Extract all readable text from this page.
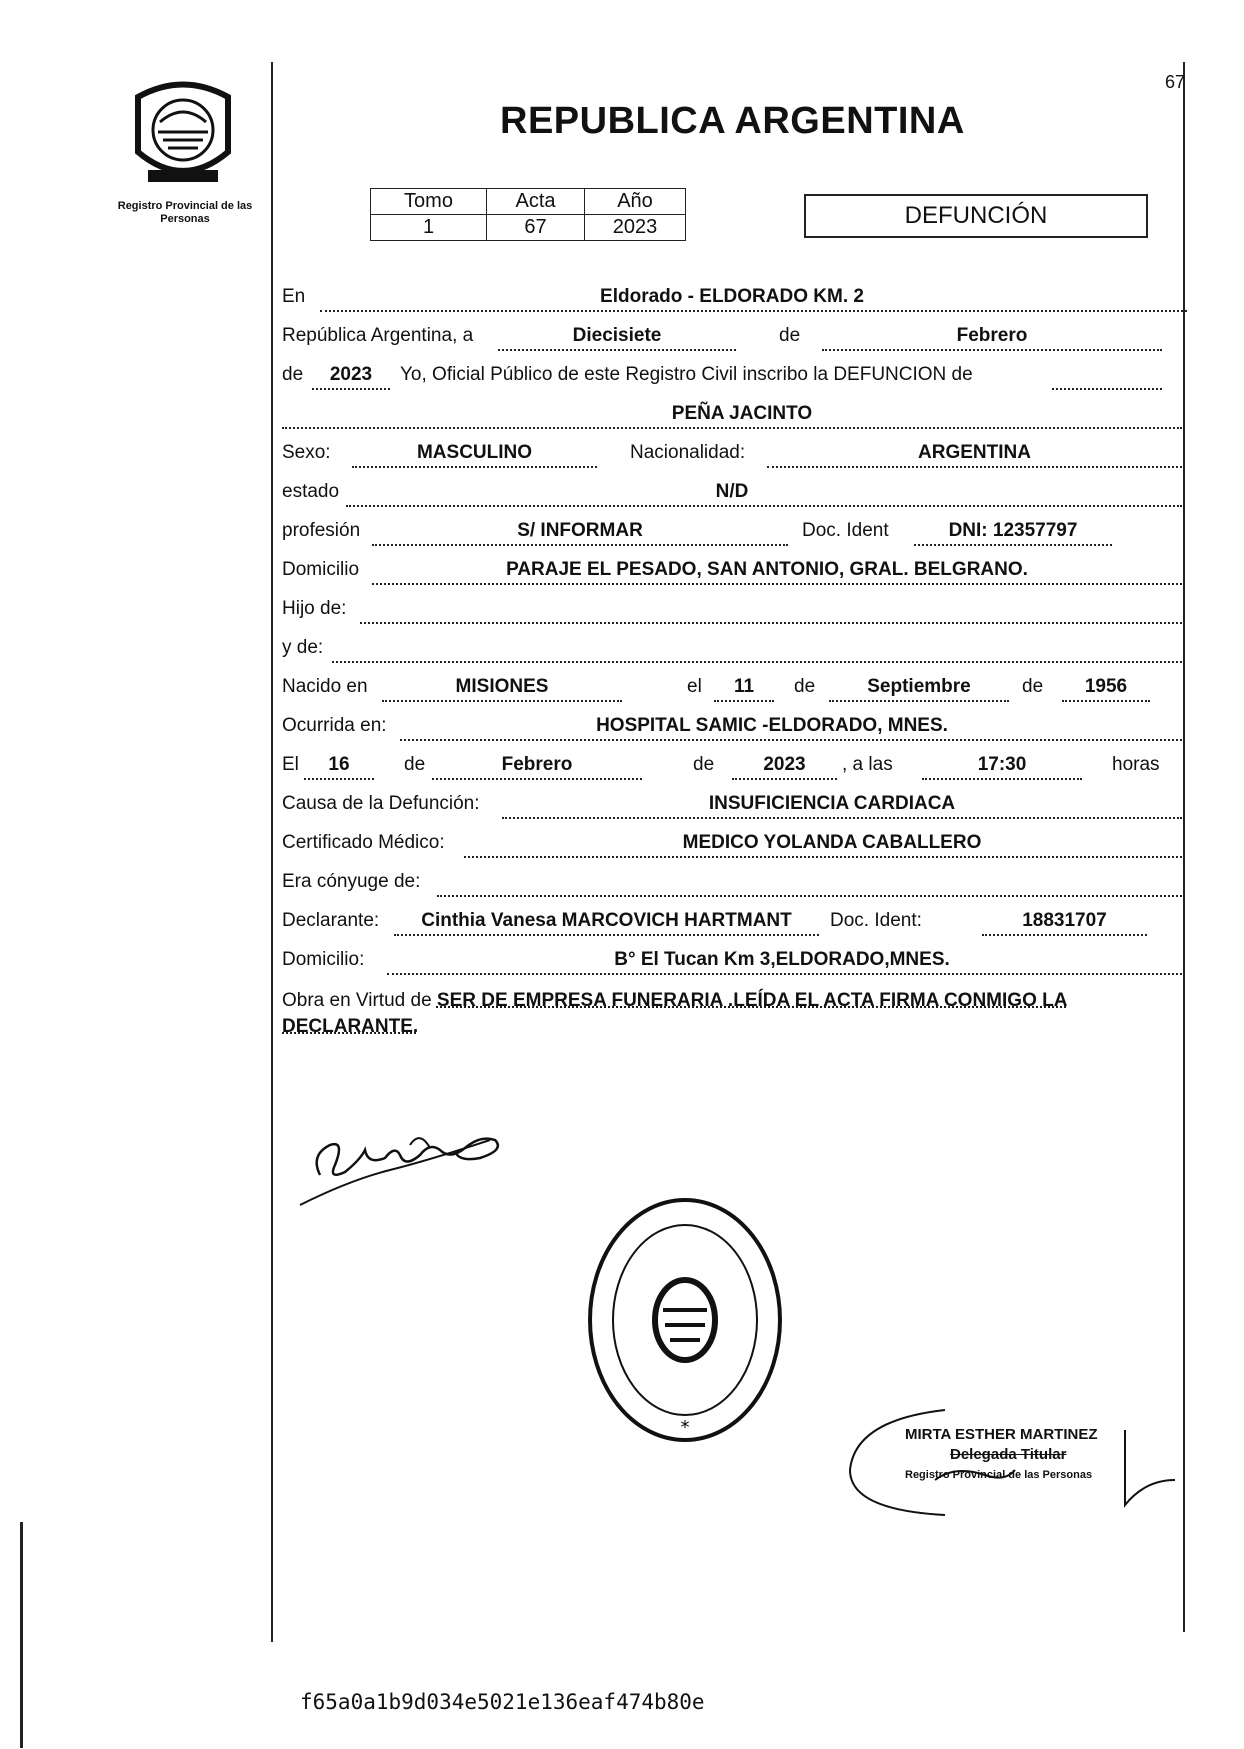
67
Registro Provincial de las Personas
REPUBLICA ARGENTINA
Tomo	Acta	Año
1	67	2023	DEFUNCIÓN
En	Eldorado - ELDORADO KM. 2
República Argentina, a	Diecisiete	de	Febrero
de	2023	Yo, Oficial Público de este Registro Civil inscribo la DEFUNCION de
PEÑA JACINTO
Sexo:	MASCULINO	Nacionalidad:	ARGENTINA
estado	N/D
profesión	S/ INFORMAR	Doc. Ident	DNI: 12357797
Domicilio	PARAJE EL PESADO, SAN ANTONIO, GRAL. BELGRANO.
Hijo de:
y de:
Nacido en	MISIONES	el	11	de	Septiembre	de	1956
Ocurrida en:	HOSPITAL SAMIC -ELDORADO, MNES.
El	16	de	Febrero	de	2023	, a las	17:30	horas
Causa de la Defunción:	INSUFICIENCIA CARDIACA
Certificado Médico:	MEDICO YOLANDA CABALLERO
Era cónyuge de:
Declarante:	Cinthia Vanesa MARCOVICH HARTMANT	Doc. Ident:	18831707
Domicilio:	B° El Tucan Km 3,ELDORADO,MNES.
Obra en Virtud de SER DE EMPRESA FUNERARIA .LEÍDA EL ACTA FIRMA CONMIGO LA
DECLARANTE.
*	MIRTA ESTHER MARTINEZ
Delegada Titular
Registro Provincial de las Personas
f65a0a1b9d034e5021e136eaf474b80e
